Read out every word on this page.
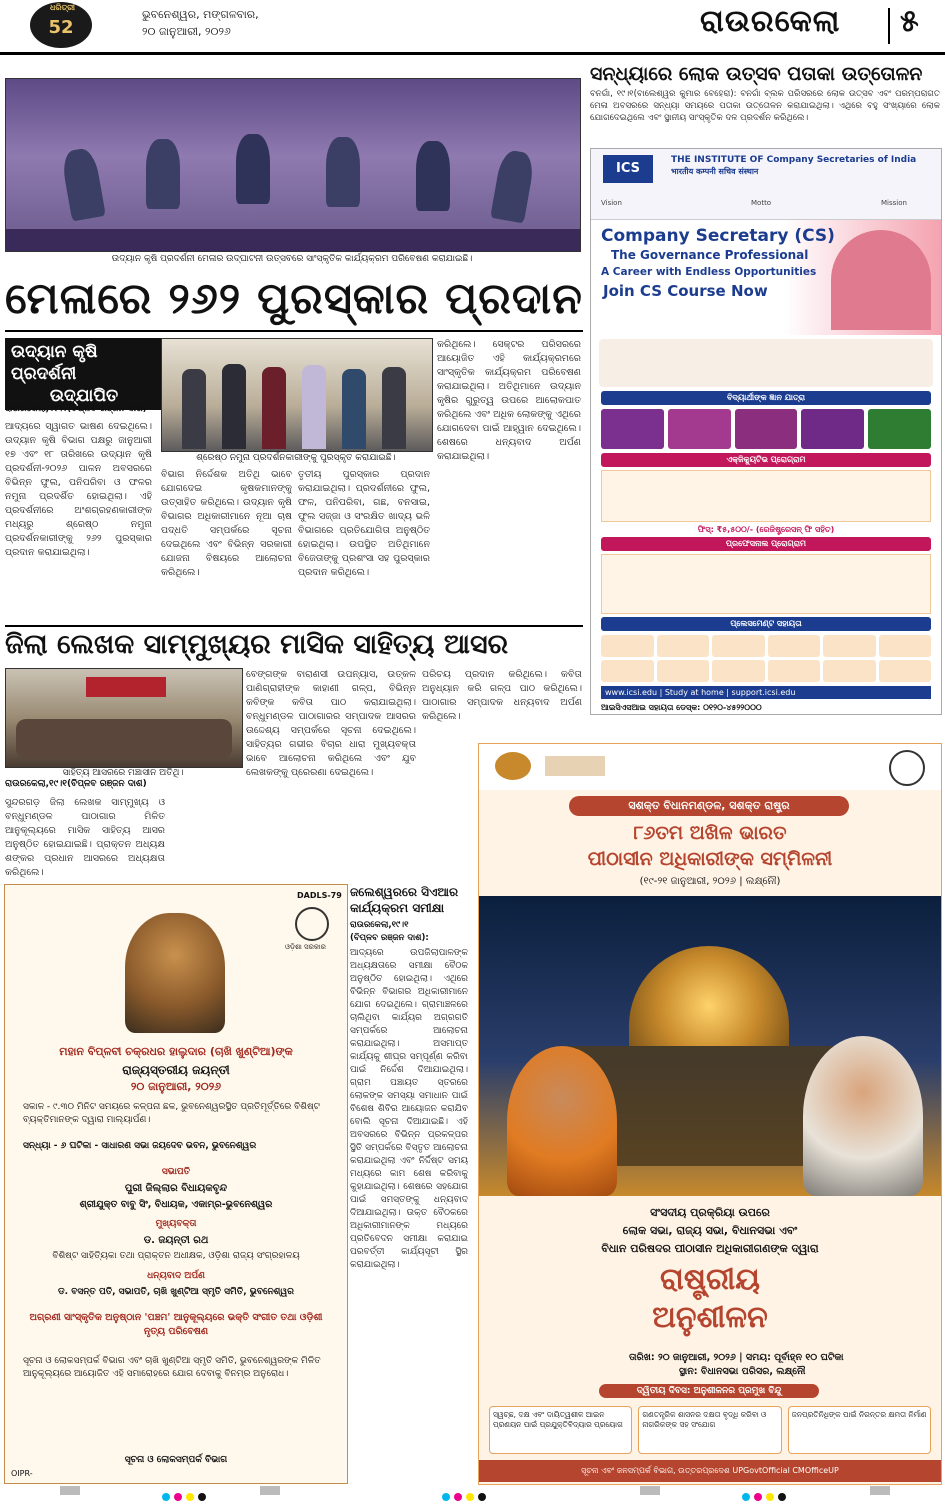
ଧରିତ୍ରୀ
52
ଭୁବନେଶ୍ୱର, ମଙ୍ଗଳବାର,
୨୦ ଜାନୁଆରୀ, ୨୦୨୬	ରାଉରକେଲା ୫
ଉଦ୍ୟାନ କୃଷି ପ୍ରଦର୍ଶନୀ ମେଳାର ଉଦ୍‌ଘାଟନୀ ଉତ୍ସବରେ ସାଂସ୍କୃତିକ କାର୍ଯ୍ୟକ୍ରମ ପରିବେଷଣ କରାଯାଇଛି।
ମେଳାରେ ୨୬୨ ପୁରସ୍କାର ପ୍ରଦାନ
ଉଦ୍ୟାନ କୃଷି ପ୍ରଦର୍ଶନୀ
ଉଦ୍‌ଯାପିତ
ରାଉରକେଲା,୧୯।୧(ବିପ୍ଳବ ରଞ୍ଜନ ଦାଶ)
ଆଦ୍ୟରେ ସ୍ୱାଗତ ଭାଷଣ ଦେଇଥିଲେ। ଉଦ୍ୟାନ କୃଷି ବିଭାଗ ପକ୍ଷରୁ ଜାନୁଆରୀ ୧୭ ଏବଂ ୧୮ ତାରିଖରେ ଉଦ୍ୟାନ କୃଷି ପ୍ରଦର୍ଶନୀ-୨୦୨୬ ପାଳନ ଅବସରରେ ବିଭିନ୍ନ ଫୁଲ, ପନିପରିବା ଓ ଫଳର ନମୁନା ପ୍ରଦର୍ଶିତ ହୋଇଥିଲା। ଏହି ପ୍ରଦର୍ଶନୀରେ ଅଂଶଗ୍ରହଣକାରୀଙ୍କ ମଧ୍ୟରୁ ଶ୍ରେଷ୍ଠ ନମୁନା ପ୍ରଦର୍ଶନକାରୀଙ୍କୁ ୨୬୨ ପୁରସ୍କାର ପ୍ରଦାନ କରାଯାଇଥିଲା।
ଶ୍ରେଷ୍ଠ ନମୁନା ପ୍ରଦର୍ଶନକାରୀଙ୍କୁ ପୁରସ୍କୃତ କରାଯାଇଛି।
ବିଭାଗ ନିର୍ଦ୍ଦେଶକ ଅତିଥି ଭାବେ ଯୋଗଦେଇ କୃଷକମାନଙ୍କୁ ଉତ୍ସାହିତ କରିଥିଲେ। ଉଦ୍ୟାନ କୃଷି ବିଭାଗର ଅଧିକାରୀମାନେ ନୂଆ ଚାଷ ପଦ୍ଧତି ସମ୍ପର୍କରେ ସୂଚନା ଦେଇଥିଲେ ଏବଂ ବିଭିନ୍ନ ସରକାରୀ ଯୋଜନା ବିଷୟରେ ଆଲୋଚନା କରିଥିଲେ।
ତୃତୀୟ ପୁରସ୍କାର ପ୍ରଦାନ କରାଯାଇଥିଲା। ପ୍ରଦର୍ଶନୀରେ ଫୁଲ, ଫଳ, ପନିପରିବା, ଗଛ, ବନସାଇ, ଫୁଲ ସଜ୍ଜା ଓ ସଂରକ୍ଷିତ ଖାଦ୍ୟ ଭଳି ବିଭାଗରେ ପ୍ରତିଯୋଗିତା ଅନୁଷ୍ଠିତ ହୋଇଥିଲା। ଉପସ୍ଥିତ ଅତିଥିମାନେ ବିଜେତାଙ୍କୁ ପ୍ରଶଂସା ସହ ପୁରସ୍କାର ପ୍ରଦାନ କରିଥିଲେ।
କରିଥିଲେ। ସେକ୍ଟର ପରିସରରେ ଆୟୋଜିତ ଏହି କାର୍ଯ୍ୟକ୍ରମରେ ସାଂସ୍କୃତିକ କାର୍ଯ୍ୟକ୍ରମ ପରିବେଷଣ କରାଯାଇଥିଲା। ଅତିଥିମାନେ ଉଦ୍ୟାନ କୃଷିର ଗୁରୁତ୍ୱ ଉପରେ ଆଲୋକପାତ କରିଥିଲେ ଏବଂ ଅଧିକ ଲୋକଙ୍କୁ ଏଥିରେ ଯୋଗଦେବା ପାଇଁ ଆହ୍ୱାନ ଦେଇଥିଲେ। ଶେଷରେ ଧନ୍ୟବାଦ ଅର୍ପଣ କରାଯାଇଥିଲା।
ସନ୍ଧ୍ୟାରେ ଲୋକ ଉତ୍ସବ ପତାକା ଉତ୍ତୋଳନ
ବନଗାଁ, ୧୯।୧(ବାଲେଶ୍ୱର କୁମାର ବେହେରା): ବନଗାଁ ବ୍ଲକ ପରିସରରେ ଲୋକ ଉତ୍ସବ ଏବଂ ପରମ୍ପରାଗତ ମେଳା ଅବସରରେ ସନ୍ଧ୍ୟା ସମୟରେ ପତାକା ଉତ୍ତୋଳନ କରାଯାଇଥିଲା। ଏଥିରେ ବହୁ ସଂଖ୍ୟାରେ ଲୋକ ଯୋଗଦେଇଥିଲେ ଏବଂ ସ୍ଥାନୀୟ ସାଂସ୍କୃତିକ ଦଳ ପ୍ରଦର୍ଶନ କରିଥିଲେ।
THE INSTITUTE OF Company Secretaries of India
भारतीय कम्पनी सचिव संस्थान
ICS
Vision	Motto	Mission
Company Secretary (CS)
The Governance Professional
A Career with Endless Opportunities
Join CS Course Now
ବିଦ୍ୟାର୍ଥୀଙ୍କ ଜ୍ଞାନ ଯାତ୍ରା
ଏକ୍ଜିକ୍ୟୁଟିଭ ପ୍ରୋଗ୍ରାମ
ଫିସ୍: ₹୫,୫୦୦/- (ରେଜିଷ୍ଟ୍ରେସନ୍ ଫି ସହିତ)
ପ୍ରଫେସନାଲ ପ୍ରୋଗ୍ରାମ
ପ୍ଲେସମେଣ୍ଟ ସହାୟତା
www.icsi.edu | Study at home | support.icsi.edu
ଆଇସିଏସଆଇ ସହାୟତା ଡେସ୍କ: ୦୧୨୦-୪୫୨୨୦୦୦
ଜିଲା ଲେଖକ ସାମ୍ମୁଖ୍ୟର ମାସିକ ସାହିତ୍ୟ ଆସର
ସାହିତ୍ୟ ଆସରରେ ମଞ୍ଚାସୀନ ଅତିଥି।
ରାଉରକେଲା,୧୯।୧(ବିପ୍ଳବ ରଞ୍ଜନ ଦାଶ)
ସୁନ୍ଦରଗଡ଼ ଜିଲା ଲେଖକ ସାମ୍ମୁଖ୍ୟ ଓ ବନ୍ଧୁମଣ୍ଡଳ ପାଠାଗାର ମିଳିତ ଆନୁକୂଲ୍ୟରେ ମାସିକ ସାହିତ୍ୟ ଆସର ଅନୁଷ୍ଠିତ ହୋଇଯାଇଛି। ପ୍ରାକ୍ତନ ଅଧ୍ୟକ୍ଷ ଶଙ୍କର ପ୍ରଧାନ ଆସରରେ ଅଧ୍ୟକ୍ଷତା କରିଥିଲେ।
ବେଙ୍ଗଙ୍କ ବାରାଣସୀ ଉପନ୍ୟାସ, ଉତ୍କଳ ପାଣିଗ୍ରାହୀଙ୍କ କାହାଣୀ ଗଳ୍ପ, ବିଭିନ୍ନ କବିଙ୍କ କବିତା ପାଠ କରାଯାଇଥିଲା। ବନ୍ଧୁମଣ୍ଡଳ ପାଠାଗାରର ସମ୍ପାଦକ ଆସରର ଉଦ୍ଦେଶ୍ୟ ସମ୍ପର୍କରେ ସୂଚନା ଦେଇଥିଲେ। ସାହିତ୍ୟର ଗଭୀର ବିଚାର ଧାରା ମୁଖ୍ୟବକ୍ତା ଭାବେ ଆଲୋଚନା କରିଥିଲେ ଏବଂ ଯୁବ ଲେଖକଙ୍କୁ ପ୍ରେରଣା ଦେଇଥିଲେ।
ପରିଚୟ ପ୍ରଦାନ କରିଥିଲେ। କବିତା ଅନୁଧ୍ୟାନ କରି ଗଳ୍ପ ପାଠ କରିଥିଲେ। ପାଠାଗାର ସମ୍ପାଦକ ଧନ୍ୟବାଦ ଅର୍ପଣ କରିଥିଲେ।
DADLS-79
ଓଡ଼ିଶା ସରକାର
ମହାନ ବିପ୍ଳବୀ ଚକ୍ରଧର ହାଲୁଦାର (ଚାଖି ଖୁଣ୍ଟିଆ)ଙ୍କ
ରାଜ୍ୟସ୍ତରୀୟ ଜୟନ୍ତୀ
୨୦ ଜାନୁଆରୀ, ୨୦୨୬
ସକାଳ - ୯.୩୦ ମିନିଟ ସମୟରେ କଳ୍ପନା ଛକ, ଭୁବନେଶ୍ୱରସ୍ଥିତ ପ୍ରତିମୂର୍ତ୍ତିରେ ବିଶିଷ୍ଟ ବ୍ୟକ୍ତିମାନଙ୍କ ଦ୍ୱାରା ମାଲ୍ୟାର୍ପଣ।
ସନ୍ଧ୍ୟା - ୬ ଘଟିକା - ସାଧାରଣ ସଭା ଜୟଦେବ ଭବନ, ଭୁବନେଶ୍ୱର
ସଭାପତି
ପୁରୀ ଜିଲ୍ଲାର ବିଧାୟକବୃନ୍ଦ
ଶ୍ରୀଯୁକ୍ତ ବାବୁ ସିଂ, ବିଧାୟକ, ଏକାମ୍ର-ଭୁବନେଶ୍ୱର
ମୁଖ୍ୟବକ୍ତା
ଡ. ଜୟନ୍ତୀ ରଥ
ବିଶିଷ୍ଟ ସାହିତ୍ୟିକା ତଥା ପ୍ରାକ୍ତନ ଅଧୀକ୍ଷକ, ଓଡ଼ିଶା ରାଜ୍ୟ ସଂଗ୍ରହାଳୟ
ଧନ୍ୟବାଦ ଅର୍ପଣ
ଡ. ବସନ୍ତ ପତି, ସଭାପତି, ଚାଖି ଖୁଣ୍ଟିଆ ସ୍ମୃତି ସମିତି, ଭୁବନେଶ୍ୱର
ଅଗ୍ରଣୀ ସାଂସ୍କୃତିକ ଅନୁଷ୍ଠାନ 'ପଞ୍ଚମ' ଆନୁକୂଲ୍ୟରେ ଭକ୍ତି ସଂଗୀତ ତଥା ଓଡ଼ିଶୀ ନୃତ୍ୟ ପରିବେଷଣ
ସୂଚନା ଓ ଲୋକସମ୍ପର୍କ ବିଭାଗ ଏବଂ ଚାଖି ଖୁଣ୍ଟିଆ ସ୍ମୃତି ସମିତି, ଭୁବନେଶ୍ୱରଙ୍କ ମିଳିତ ଆନୁକୂଲ୍ୟରେ ଆୟୋଜିତ ଏହି ସମାରୋହରେ ଯୋଗ ଦେବାକୁ ବିନମ୍ର ଅନୁରୋଧ।
ସୂଚନା ଓ ଲୋକସମ୍ପର୍କ ବିଭାଗ
OIPR-
ଜଲେଶ୍ୱରରେ ସିଏଆର କାର୍ଯ୍ୟକ୍ରମ ସମୀକ୍ଷା
ରାଉରକେଲା,୧୯।୧
(ବିପ୍ଳବ ରଞ୍ଜନ ଦାଶ):
ଆଦ୍ୟରେ ଉପଜିଲାପାଳଙ୍କ ଅଧ୍ୟକ୍ଷତାରେ ସମୀକ୍ଷା ବୈଠକ ଅନୁଷ୍ଠିତ ହୋଇଥିଲା। ଏଥିରେ ବିଭିନ୍ନ ବିଭାଗର ଅଧିକାରୀମାନେ ଯୋଗ ଦେଇଥିଲେ। ଗ୍ରାମାଞ୍ଚଳରେ ଚାଲିଥିବା କାର୍ଯ୍ୟର ଅଗ୍ରଗତି ସମ୍ପର୍କରେ ଆଲୋଚନା କରାଯାଇଥିଲା। ଅସମାପ୍ତ କାର୍ଯ୍ୟକୁ ଶୀଘ୍ର ସମ୍ପୂର୍ଣ୍ଣ କରିବା ପାଇଁ ନିର୍ଦ୍ଦେଶ ଦିଆଯାଇଥିଲା। ଗ୍ରାମ ପଞ୍ଚାୟତ ସ୍ତରରେ ଲୋକଙ୍କ ସମସ୍ୟା ସମାଧାନ ପାଇଁ ବିଶେଷ ଶିବିର ଆୟୋଜନ କରାଯିବ ବୋଲି ସୂଚନା ଦିଆଯାଇଛି। ଏହି ଅବସରରେ ବିଭିନ୍ନ ପ୍ରକଳ୍ପର ସ୍ଥିତି ସମ୍ପର୍କରେ ବିସ୍ତୃତ ଆଲୋଚନା କରାଯାଇଥିଲା ଏବଂ ନିର୍ଦ୍ଦିଷ୍ଟ ସମୟ ମଧ୍ୟରେ କାମ ଶେଷ କରିବାକୁ କୁହାଯାଇଥିଲା। ଶେଷରେ ସହଯୋଗ ପାଇଁ ସମସ୍ତଙ୍କୁ ଧନ୍ୟବାଦ ଦିଆଯାଇଥିଲା। ଉକ୍ତ ବୈଠକରେ ଅଧିକାରୀମାନଙ୍କ ମଧ୍ୟରେ ପ୍ରତିବେଦନ ସମୀକ୍ଷା କରାଯାଇ ପରବର୍ତ୍ତୀ କାର୍ଯ୍ୟସୂଚୀ ସ୍ଥିର କରାଯାଇଥିଲା।
ସଶକ୍ତ ବିଧାନମଣ୍ଡଳ, ସଶକ୍ତ ରାଷ୍ଟ୍ର
୮୬ତମ ଅଖିଳ ଭାରତ
ପୀଠାସୀନ ଅଧିକାରୀଙ୍କ ସମ୍ମିଳନୀ
(୧୯-୨୧ ଜାନୁଆରୀ, ୨୦୨୬ | ଲକ୍ଷ୍ନୌ)
ସଂସଦୀୟ ପ୍ରକ୍ରିୟା ଉପରେ
ଲୋକ ସଭା, ରାଜ୍ୟ ସଭା, ବିଧାନସଭା ଏବଂ
ବିଧାନ ପରିଷଦର ପୀଠାସୀନ ଅଧିକାରୀଗଣଙ୍କ ଦ୍ୱାରା
ରାଷ୍ଟ୍ରୀୟ
ଅନୁଶୀଳନ
ତାରିଖ: ୨୦ ଜାନୁଆରୀ, ୨୦୨୬ | ସମୟ: ପୂର୍ବାହ୍ନ ୧୦ ଘଟିକା
ସ୍ଥାନ: ବିଧାନସଭା ପରିସର, ଲକ୍ଷ୍ନୌ
ଦ୍ୱିତୀୟ ଦିବସ: ଅନୁଶୀଳନର ପ୍ରମୁଖ ବିନ୍ଦୁ
ସ୍ୱଚ୍ଛ, ଦକ୍ଷ ଏବଂ ଦାୟିତ୍ୱଶୀଳ ଆଇନ ପ୍ରଣୟନ ପାଇଁ ପ୍ରଯୁକ୍ତିବିଦ୍ୟାର ପ୍ରୟୋଗ
ଗଣତନ୍ତ୍ରିକ ଶାସନର ଦକ୍ଷତା ବୃଦ୍ଧି କରିବା ଓ ନାଗରିକଙ୍କ ସହ ସଂଯୋଗ
ଜନପ୍ରତିନିଧିଙ୍କ ପାଇଁ ନିରନ୍ତର କ୍ଷମତା ନିର୍ମାଣ
ସୂଚନା ଏବଂ ଜନସମ୍ପର୍କ ବିଭାଗ, ଉତ୍ତରପ୍ରଦେଶ UPGovtOfficial CMOfficeUP
